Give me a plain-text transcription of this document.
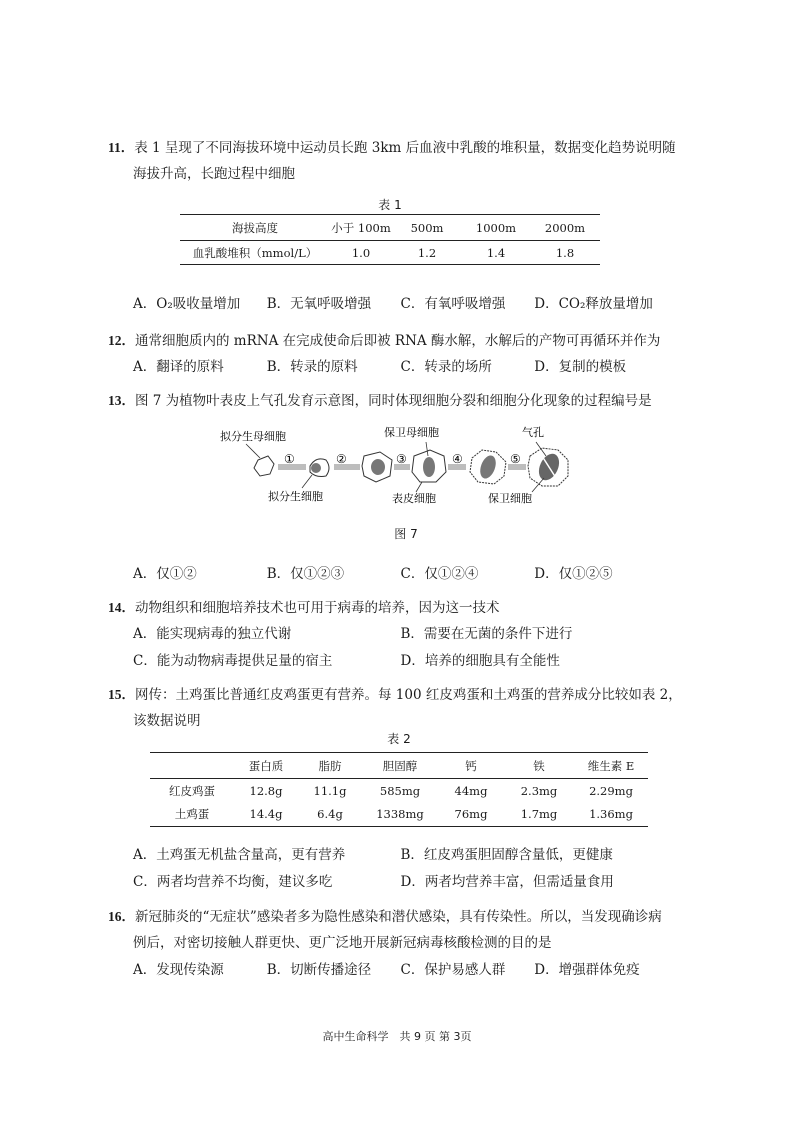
11．表 1 呈现了不同海拔环境中运动员长跑 3km 后血液中乳酸的堆积量，数据变化趋势说明随
海拔升高，长跑过程中细胞
表 1
海拔高度	小于 100m	500m	1000m	2000m
血乳酸堆积（mmol/L）	1.0	1.2	1.4	1.8
A．O₂吸收量增加	B．无氧呼吸增强	C．有氧呼吸增强	D．CO₂释放量增加
12．通常细胞质内的 mRNA 在完成使命后即被 RNA 酶水解，水解后的产物可再循环并作为
A．翻译的原料	B．转录的原料	C．转录的场所	D．复制的模板
13．图 7 为植物叶表皮上气孔发育示意图，同时体现细胞分裂和细胞分化现象的过程编号是
拟分生母细胞	保卫母细胞	气孔
拟分生细胞	表皮细胞	保卫细胞
①	②	③	④	⑤
图 7
A．仅①②	B．仅①②③	C．仅①②④	D．仅①②⑤
14．动物组织和细胞培养技术也可用于病毒的培养，因为这一技术
A．能实现病毒的独立代谢	B．需要在无菌的条件下进行
C．能为动物病毒提供足量的宿主	D．培养的细胞具有全能性
15．网传：土鸡蛋比普通红皮鸡蛋更有营养。每 100 红皮鸡蛋和土鸡蛋的营养成分比较如表 2，
该数据说明
表 2
	蛋白质	脂肪	胆固醇	钙	铁	维生素 E
红皮鸡蛋	12.8g	11.1g	585mg	44mg	2.3mg	2.29mg
土鸡蛋	14.4g	6.4g	1338mg	76mg	1.7mg	1.36mg
A．土鸡蛋无机盐含量高，更有营养	B．红皮鸡蛋胆固醇含量低，更健康
C．两者均营养不均衡，建议多吃	D．两者均营养丰富，但需适量食用
16．新冠肺炎的“无症状”感染者多为隐性感染和潜伏感染，具有传染性。所以，当发现确诊病
例后，对密切接触人群更快、更广泛地开展新冠病毒核酸检测的目的是
A．发现传染源	B．切断传播途径	C．保护易感人群	D．增强群体免疫
高中生命科学　共 9 页 第 3页
